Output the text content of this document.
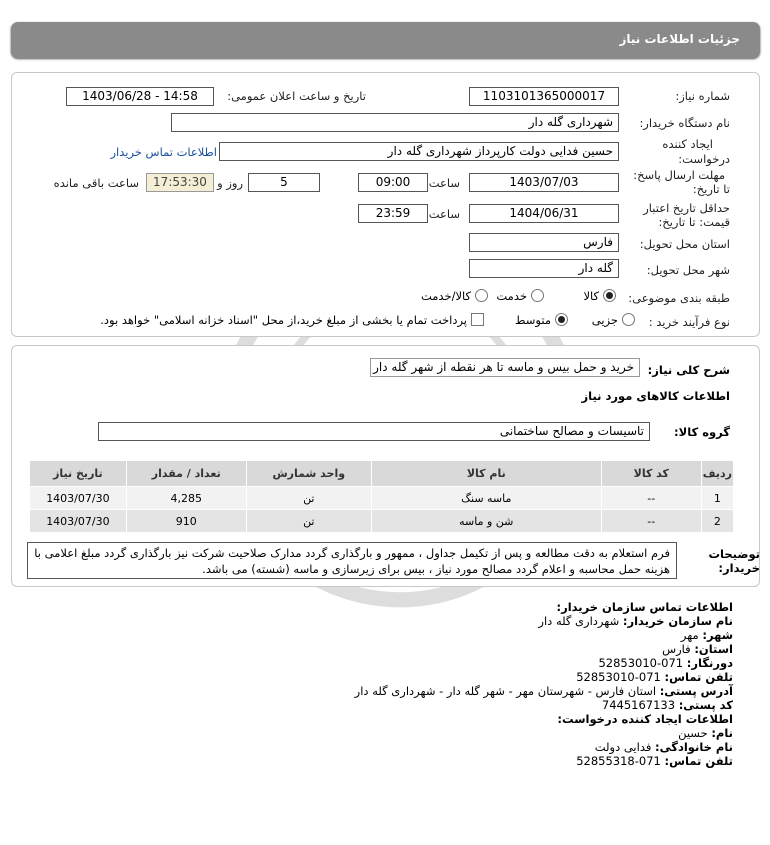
جزئیات اطلاعات نیاز
شماره نیاز:
1103101365000017
تاریخ و ساعت اعلان عمومی:
1403/06/28 - 14:58
نام دستگاه خریدار:
شهرداری گله دار
ایجاد کننده
درخواست:
حسین فدایی دولت کارپرداز شهرداری گله دار
اطلاعات تماس خریدار
مهلت ارسال پاسخ:
تا تاریخ:
1403/07/03
ساعت
09:00
5
روز و
17:53:30
ساعت باقی مانده
حداقل تاریخ اعتبار
قیمت: تا تاریخ:
1404/06/31
ساعت
23:59
استان محل تحویل:
فارس
شهر محل تحویل:
گله دار
طبقه بندی موضوعی:
کالا
خدمت
کالا/خدمت
نوع فرآیند خرید :
جزیی
متوسط
پرداخت تمام یا بخشی از مبلغ خرید،از محل "اسناد خزانه اسلامی" خواهد بود.
شرح کلی نیاز:
خرید و حمل بیس و ماسه تا هر نقطه از شهر گله دار
اطلاعات کالاهای مورد نیاز
گروه کالا:
تاسیسات و مصالح ساختمانی
ردیف	کد کالا	نام کالا	واحد شمارش	تعداد / مقدار	تاریخ نیاز
1	--	ماسه سنگ	تن	4,285	1403/07/30
2	--	شن و ماسه	تن	910	1403/07/30
توضیحات
خریدار:
فرم استعلام به دقت مطالعه و پس از تکیمل جداول ، ممهور و بارگذاری گردد مدارک صلاحیت شرکت نیز بارگذاری گردد مبلغ اعلامی با هزینه حمل محاسبه و اعلام گردد مصالح مورد نیاز ، بیس برای زیرسازی و ماسه (شسته) می باشد.
اطلاعات تماس سازمان خریدار:
نام سازمان خریدار: شهرداری گله دار
شهر: مهر
استان: فارس
دورنگار: 071-52853010
تلفن تماس: 071-52853010
آدرس پستی: استان فارس - شهرستان مهر - شهر گله دار - شهرداری گله دار
کد پستی: 7445167133
اطلاعات ایجاد کننده درخواست:
نام: حسین
نام خانوادگی: فدایی دولت
تلفن تماس: 071-52855318
